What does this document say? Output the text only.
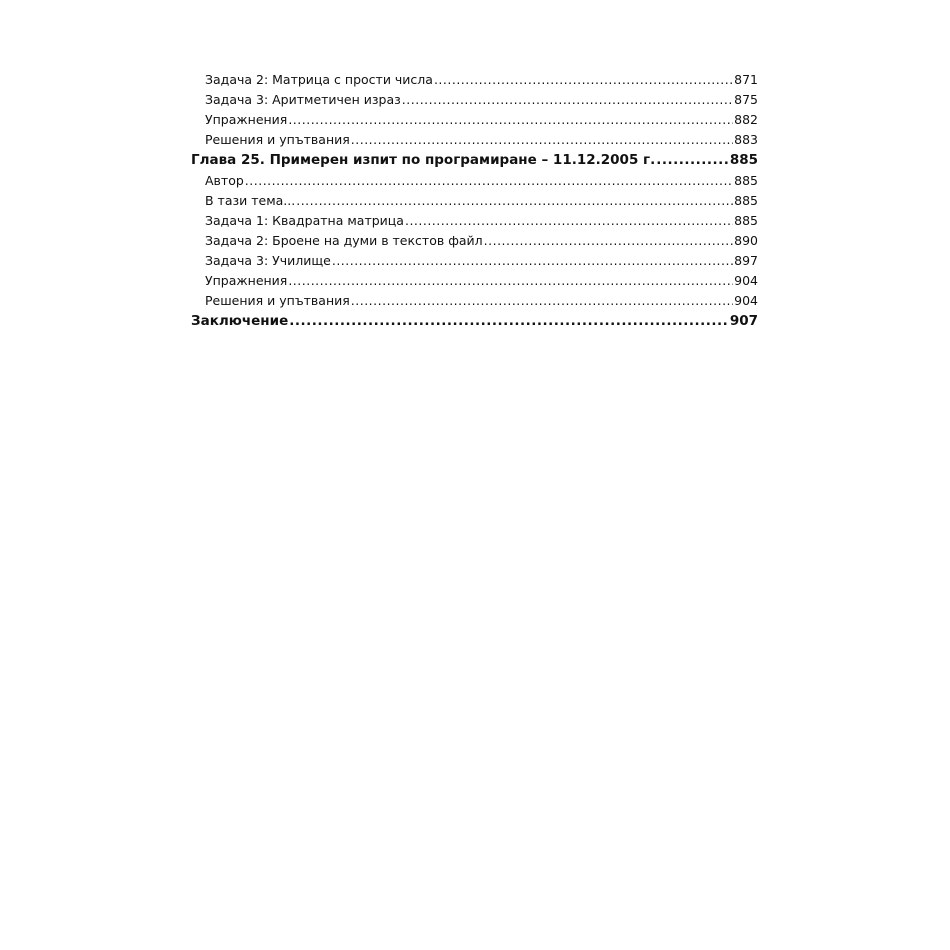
Задача 2: Матрица с прости числа .....	871
Задача 3: Аритметичен израз .....	875
Упражнения .....	882
Решения и упътвания .....	883
Глава 25. Примерен изпит по програмиране – 11.12.2005 г. .....	885
Автор .....	885
В тази тема... .....	885
Задача 1: Квадратна матрица .....	885
Задача 2: Броене на думи в текстов файл .....	890
Задача 3: Училище .....	897
Упражнения .....	904
Решения и упътвания .....	904
Заключение .....	907
